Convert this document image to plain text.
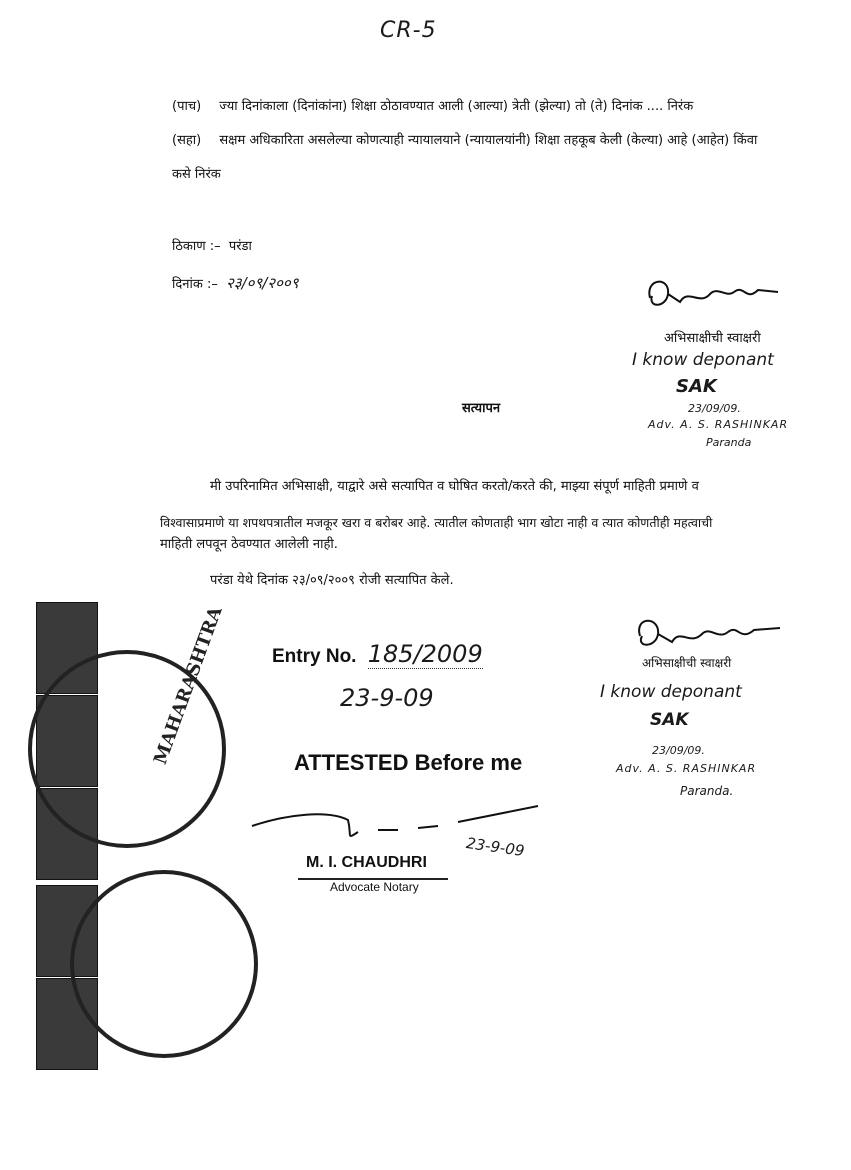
CR-5
(पाच) ज्या दिनांकाला (दिनांकांना) शिक्षा ठोठावण्यात आली (आल्या) त्रेती (झेल्या) तो (ते) दिनांक .... निरंक
(सहा) सक्षम अधिकारिता असलेल्या कोणत्याही न्यायालयाने (न्यायालयांनी) शिक्षा तहकूब केली (केल्या) आहे (आहेत) किंवा
कसे निरंक
ठिकाण :– परंडा
दिनांक :– २३/०९/२००९
अभिसाक्षीची स्वाक्षरी
I know deponant
SAK
23/09/09.
Adv. A. S. RASHINKAR
Paranda
सत्यापन
मी उपरिनामित अभिसाक्षी, याद्वारे असे सत्यापित व घोषित करतो/करते की, माझ्या संपूर्ण माहिती प्रमाणे व
विश्वासाप्रमाणे या शपथपत्रातील मजकूर खरा व बरोबर आहे. त्यातील कोणताही भाग खोटा नाही व त्यात कोणतीही महत्वाची
माहिती लपवून ठेवण्यात आलेली नाही.
परंडा येथे दिनांक २३/०९/२००९ रोजी सत्यापित केले.
MAHARASHTRA Entry No. 185/2009
23-9-09
ATTESTED Before me
23-9-09
M. I. CHAUDHRI
Advocate Notary
अभिसाक्षीची स्वाक्षरी
I know deponant
SAK
23/09/09.
Adv. A. S. RASHINKAR
Paranda.
